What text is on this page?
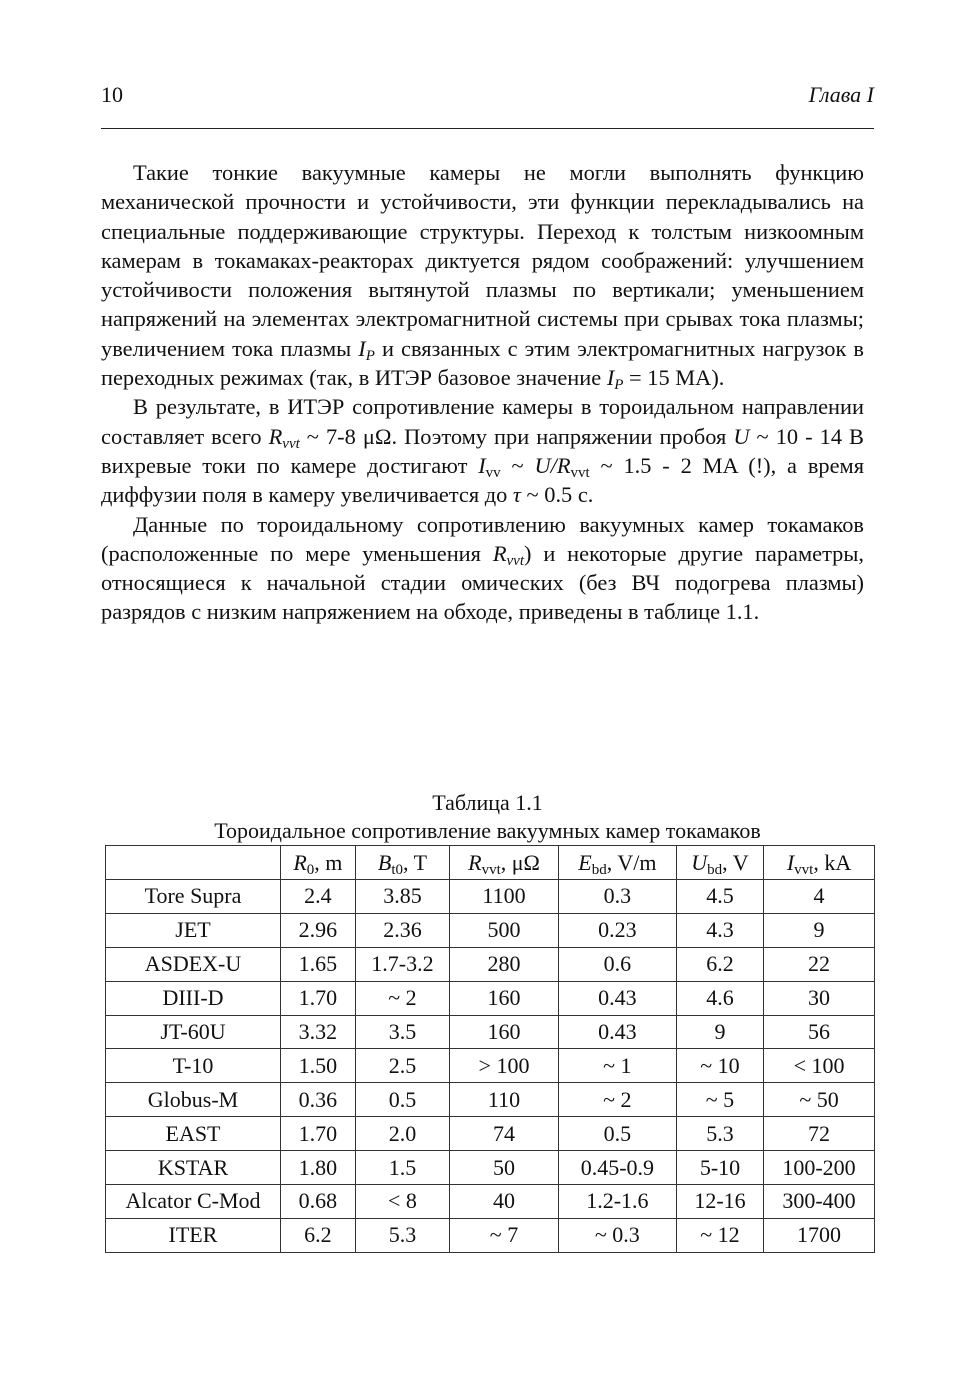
10	Глава I

Такие тонкие вакуумные камеры не могли выполнять функцию механической прочности и устойчивости, эти функции перекладывались на специальные поддерживающие структуры. Переход к толстым низкоомным камерам в токамаках-реакторах диктуется рядом соображений: улучшением устойчивости положения вытянутой плазмы по вертикали; уменьшением напряжений на элементах электромагнитной системы при срывах тока плазмы; увеличением тока плазмы $I_P$ и связанных с этим электромагнитных нагрузок в переходных режимах (так, в ИТЭР базовое значение $I_P = 15$ MA).

В результате, в ИТЭР сопротивление камеры в тороидальном направлении составляет всего $R_{vvt}$ ~ 7-8 μΩ. Поэтому при напряжении пробоя U ~ 10 - 14 В вихревые токи по камере достигают $I_{vv}$ ~ $U/R_{vvt}$ ~ 1.5 - 2 MA (!), а время диффузии поля в камеру увеличивается до τ ~ 0.5 с.

Данные по тороидальному сопротивлению вакуумных камер токамаков (расположенные по мере уменьшения $R_{vvt}$) и некоторые другие параметры, относящиеся к начальной стадии омических (без ВЧ подогрева плазмы) разрядов с низким напряжением на обходе, приведены в таблице 1.1.

Таблица 1.1
Тороидальное сопротивление вакуумных камер токамаков
	$R_0$, m	$B_{t0}$, T	$R_{vvt}$, μΩ	$E_{bd}$, V/m	$U_{bd}$, V	$I_{vvt}$, kA
Tore Supra	2.4	3.85	1100	0.3	4.5	4
JET	2.96	2.36	500	0.23	4.3	9
ASDEX-U	1.65	1.7-3.2	280	0.6	6.2	22
DIII-D	1.70	~ 2	160	0.43	4.6	30
JT-60U	3.32	3.5	160	0.43	9	56
T-10	1.50	2.5	> 100	~ 1	~ 10	< 100
Globus-M	0.36	0.5	110	~ 2	~ 5	~ 50
EAST	1.70	2.0	74	0.5	5.3	72
KSTAR	1.80	1.5	50	0.45-0.9	5-10	100-200
Alcator C-Mod	0.68	< 8	40	1.2-1.6	12-16	300-400
ITER	6.2	5.3	~ 7	~ 0.3	~ 12	1700
